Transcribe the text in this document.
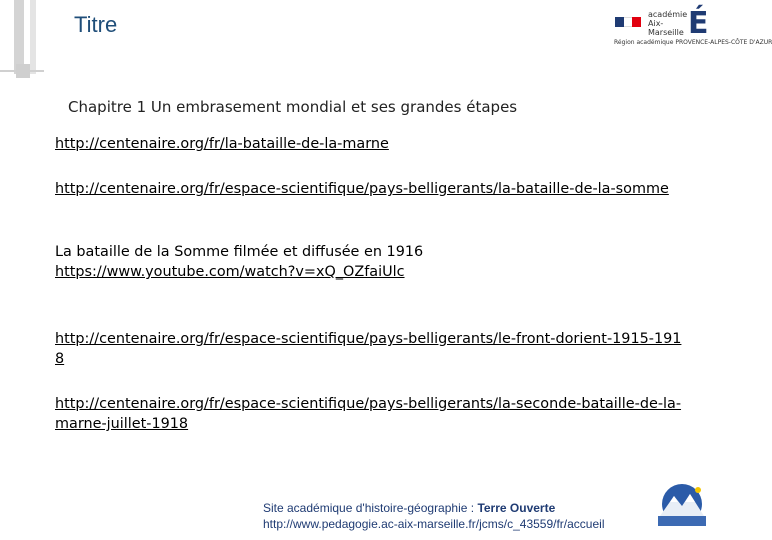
Titre	académie Aix-Marseille É
Région académique PROVENCE-ALPES-CÔTE D'AZUR
Chapitre 1 Un embrasement mondial et ses grandes étapes
http://centenaire.org/fr/la-bataille-de-la-marne
http://centenaire.org/fr/espace-scientifique/pays-belligerants/la-bataille-de-la-somme
La bataille de la Somme filmée et diffusée en 1916
https://www.youtube.com/watch?v=xQ_OZfaiUlc
http://centenaire.org/fr/espace-scientifique/pays-belligerants/le-front-dorient-1915-1918
http://centenaire.org/fr/espace-scientifique/pays-belligerants/la-seconde-bataille-de-la-marne-juillet-1918
Site académique d'histoire-géographie : Terre Ouverte
http://www.pedagogie.ac-aix-marseille.fr/jcms/c_43559/fr/accueil
